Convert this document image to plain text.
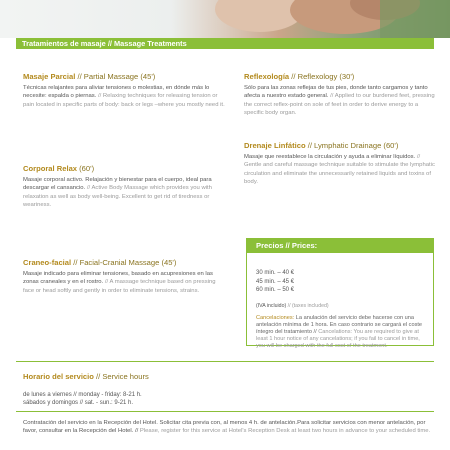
Tratamientos de masaje // Massage Treatments
Masaje Parcial // Partial Massage (45')

Técnicas relajantes para aliviar tensiones o molestias, en dónde más lo necesite: espalda o piernas. // Relaxing techniques for releasing tension or pain located in specific parts of body: back or legs –where you mostly need it.

Reflexología // Reflexology (30')

Sólo para las zonas reflejas de tus pies, donde tanto cargamos y tanto afecta a nuestro estado general. // Applied to our burdened feet, pressing the correct reflex-point on sole of feet in order to derive energy to a specific body organ.

Corporal Relax (60')

Masaje corporal activo. Relajación y bienestar para el cuerpo, ideal para descargar el cansancio. // Active Body Massage which provides you with relaxation as well as body well-being. Excellent to get rid of tiredness or weariness.

Drenaje Linfático // Lymphatic Drainage (60')

Masaje que reestablece la circulación y ayuda a eliminar líquidos. // Gentle and careful massage technique suitable to stimulate the lymphatic circulation and eliminate the unnecessarily retained liquids and toxins of body.

Craneo-facial // Facial-Cranial Massage (45')

Masaje indicado para eliminar tensiones, basado en acupresiones en las zonas craneales y en el rostro. // A massage technique based on pressing face or head softly and gently in order to eliminate tensions, strains.

Precios // Prices:
30 min. – 40 €
45 min. – 45 €
60 min. – 50 €
(IVA incluido) // (taxes included)
Cancelaciones: La anulación del servicio debe hacerse con una antelación mínima de 1 hora. En caso contrario se cargará el coste íntegro del tratamiento // Cancelations: You are required to give at least 1 hour notice of any cancelations; if you fail to cancel in time, you will be charged with the full cost of the treatment.
Horario del servicio // Service hours
de lunes a viernes // monday - friday: 8-21 h.
sábados y domingos // sat. - sun.: 9-21 h.
Contratación del servicio en la Recepción del Hotel. Solicitar cita previa con, al menos 4 h. de antelación.Para solicitar servicios con menor antelación, por favor, consultar en la Recepción del Hotel. // Please, register for this service at Hotel's Reception Desk at least two hours in advance to your scheduled time.
